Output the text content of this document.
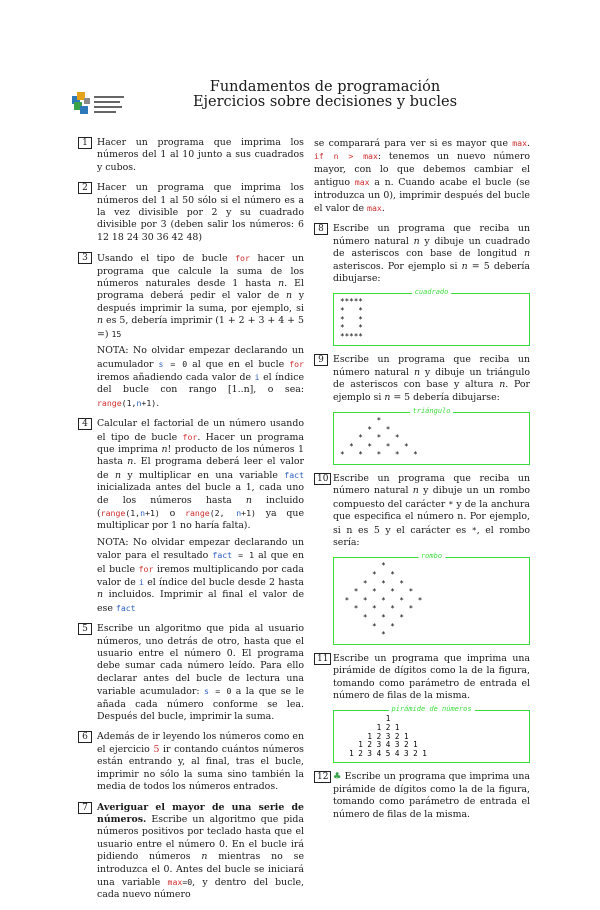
Fundamentos de programación
Ejercicios sobre decisiones y bucles
1 Hacer un programa que imprima los números del 1 al 10 junto a sus cuadrados y cubos.

2 Hacer un programa que imprima los números del 1 al 50 sólo si el número es a la vez divisible por 2 y su cuadrado divisible por 3 (deben salir los números: 6 12 18 24 30 36 42 48)

3 Usando el tipo de bucle for hacer un programa que calcule la suma de los números naturales desde 1 hasta n. El programa deberá pedir el valor de n y después imprimir la suma, por ejemplo, si n es 5, debería imprimir (1 + 2 + 3 + 4 + 5 =) 15

NOTA: No olvidar empezar declarando un acumulador s = 0 al que en el bucle for iremos añadiendo cada valor de i el índice del bucle con rango [1..n], o sea: range(1,n+1).

4 Calcular el factorial de un número usando el tipo de bucle for. Hacer un programa que imprima n! producto de los números 1 hasta n. El programa deberá leer el valor de n y multiplicar en una variable fact inicializada antes del bucle a 1, cada uno de los números hasta n incluido (range(1,n+1) o range(2, n+1) ya que multiplicar por 1 no haría falta).

NOTA: No olvidar empezar declarando un valor para el resultado fact = 1 al que en el bucle for iremos multiplicando por cada valor de i el índice del bucle desde 2 hasta n incluidos. Imprimir al final el valor de ese fact

5 Escribe un algoritmo que pida al usuario números, uno detrás de otro, hasta que el usuario entre el número 0. El programa debe sumar cada número leído. Para ello declarar antes del bucle de lectura una variable acumulador: s = 0 a la que se le añada cada número conforme se lea. Después del bucle, imprimir la suma.

6 Además de ir leyendo los números como en el ejercicio 5 ir contando cuántos números están entrando y, al final, tras el bucle, imprimir no sólo la suma sino también la media de todos los números entrados.

7 Averiguar el mayor de una serie de números. Escribe un algoritmo que pida números positivos por teclado hasta que el usuario entre el número 0. En el bucle irá pidiendo números n mientras no se introduzca el 0. Antes del bucle se iniciará una variable max=0, y dentro del bucle, cada nuevo número

se comparará para ver si es mayor que max. if n > max: tenemos un nuevo número mayor, con lo que debemos cambiar el antiguo max a n. Cuando acabe el bucle (se introduzca un 0), imprimir después del bucle el valor de max.
8 Escribe un programa que reciba un número natural n y dibuje un cuadrado de asteriscos con base de longitud n asteriscos. Por ejemplo si n = 5 debería dibujarse:

cuadrado
*****
*   *
*   *
*   *
*****
9 Escribe un programa que reciba un número natural n y dibuje un triángulo de asteriscos con base y altura n. Por ejemplo si n = 5 debería dibujarse:

triángulo
*
*   *
*   *   *
*   *   *   *
*   *   *   *   *
10 Escribe un programa que reciba un número natural n y dibuje un un rombo compuesto del carácter * y de la anchura que especifica el número n. Por ejemplo, si n es 5 y el carácter es *, el rombo sería:

rombo
*
*   *
*   *   *
*   *   *   *
*   *   *   *   *
*   *   *   *
*   *   *
*   *
*
11 Escribe un programa que imprima una pirámide de dígitos como la de la figura, tomando como parámetro de entrada el número de filas de la misma.

pirámide de números
1
1 2 1
1 2 3 2 1
1 2 3 4 3 2 1
1 2 3 4 5 4 3 2 1
12 ♣ Escribe un programa que imprima una pirámide de dígitos como la de la figura, tomando como parámetro de entrada el número de filas de la misma.
